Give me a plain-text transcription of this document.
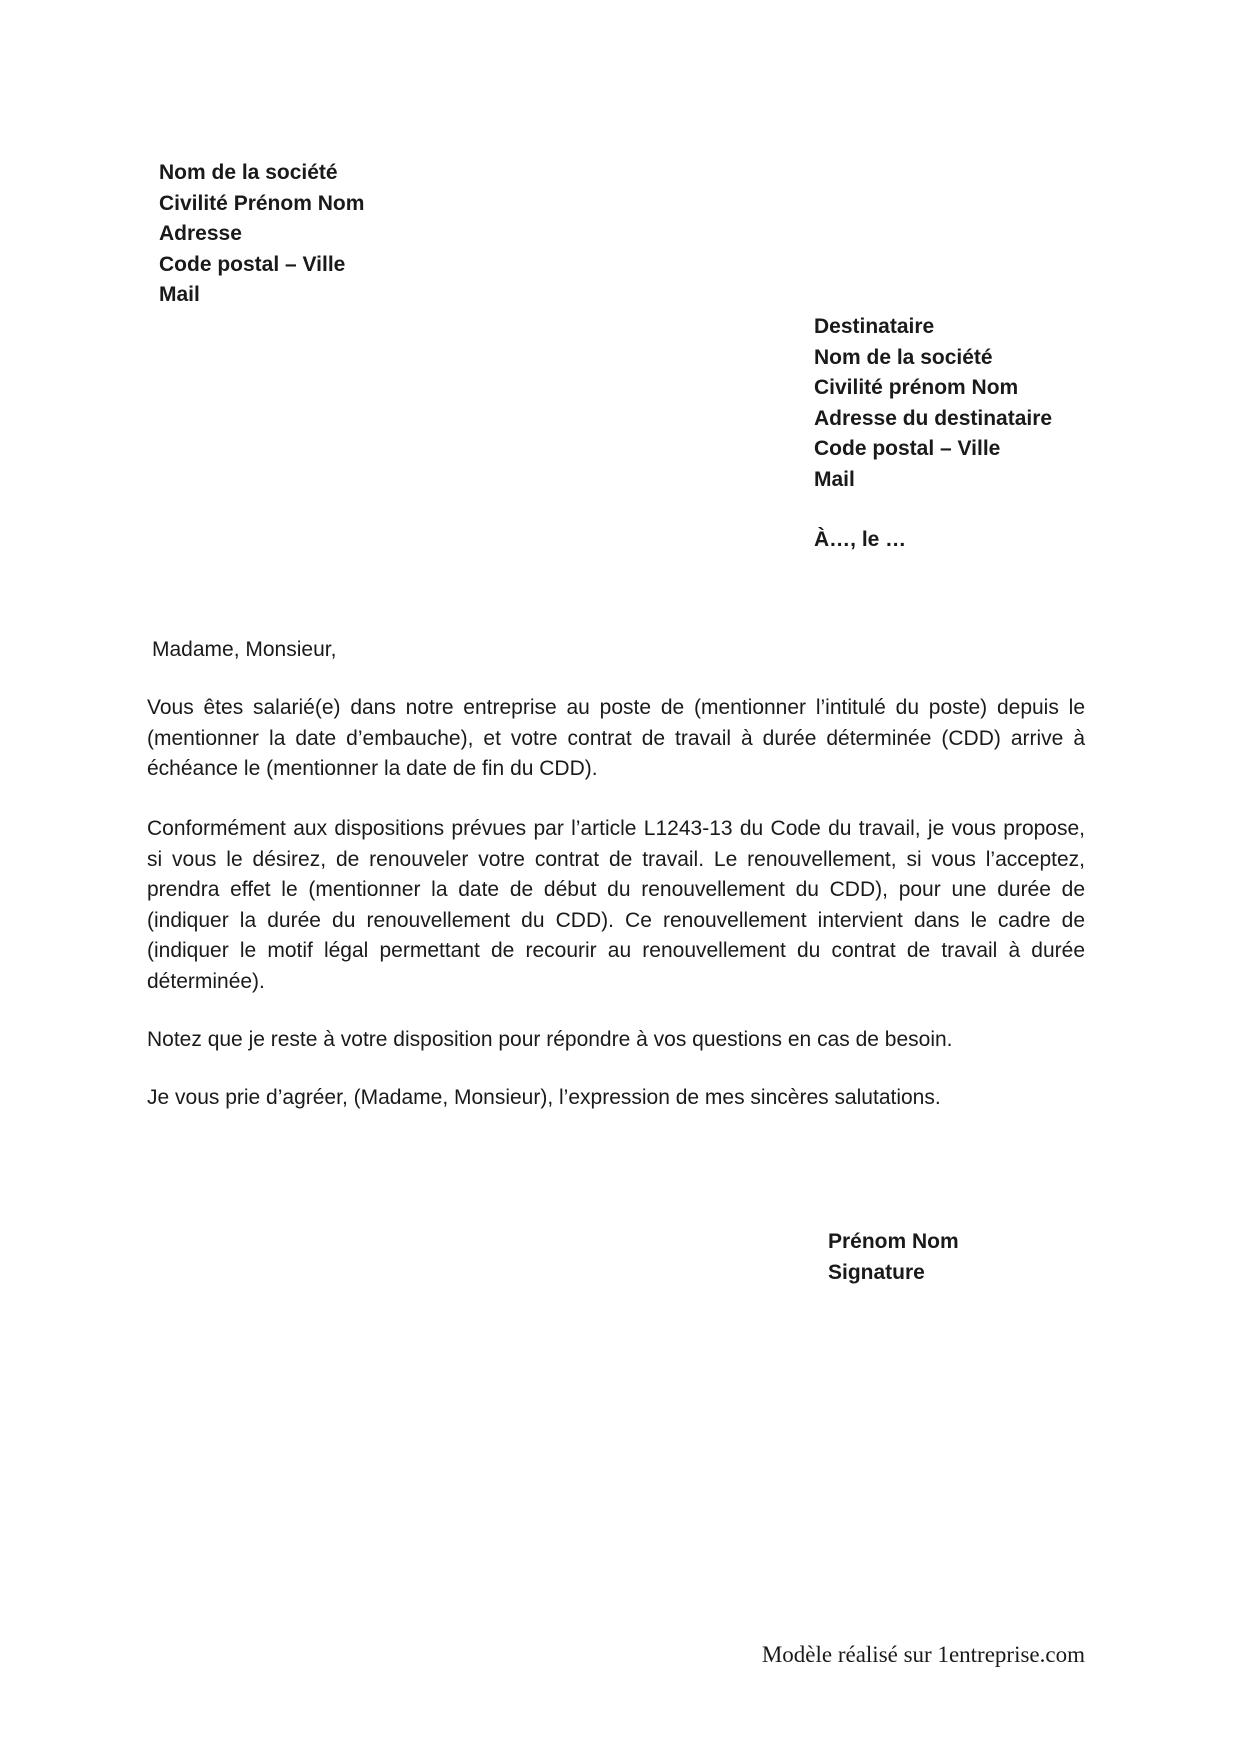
Nom de la société
Civilité Prénom Nom
Adresse
Code postal – Ville
Mail
Destinataire
Nom de la société
Civilité prénom Nom
Adresse du destinataire
Code postal – Ville
Mail
À…, le …
Madame, Monsieur,

Vous êtes salarié(e) dans notre entreprise au poste de (mentionner l’intitulé du poste) depuis le (mentionner la date d’embauche), et votre contrat de travail à durée déterminée (CDD) arrive à échéance le (mentionner la date de fin du CDD).

Conformément aux dispositions prévues par l’article L1243-13 du Code du travail, je vous propose, si vous le désirez, de renouveler votre contrat de travail. Le renouvellement, si vous l’acceptez, prendra effet le (mentionner la date de début du renouvellement du CDD), pour une durée de (indiquer la durée du renouvellement du CDD). Ce renouvellement intervient dans le cadre de (indiquer le motif légal permettant de recourir au renouvellement du contrat de travail à durée déterminée).

Notez que je reste à votre disposition pour répondre à vos questions en cas de besoin.

Je vous prie d’agréer, (Madame, Monsieur), l’expression de mes sincères salutations.

Prénom Nom
Signature
Modèle réalisé sur 1entreprise.com
